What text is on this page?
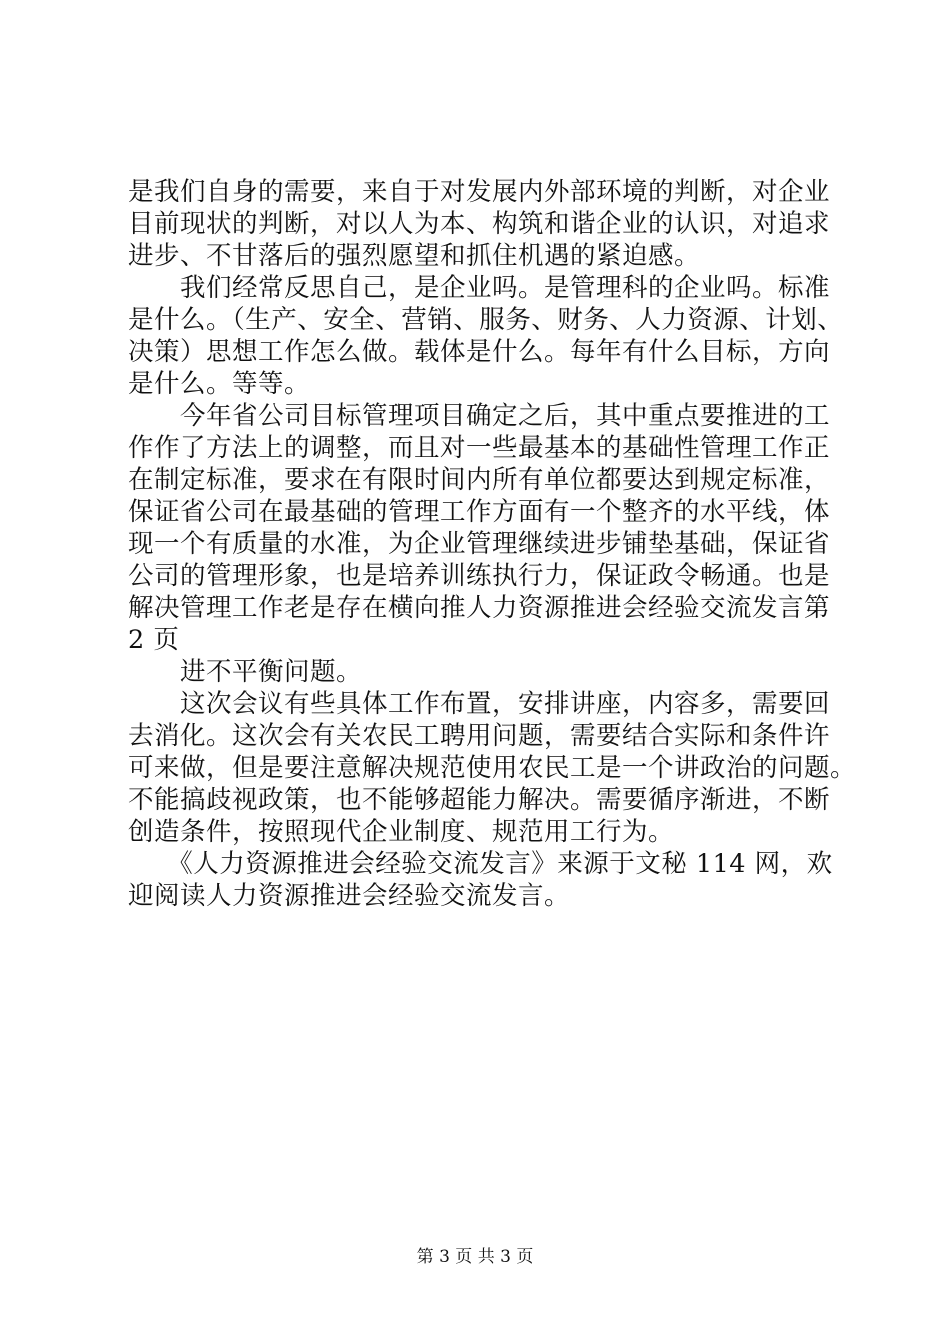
是我们自身的需要，来自于对发展内外部环境的判断，对企业
目前现状的判断，对以人为本、构筑和谐企业的认识，对追求
进步、不甘落后的强烈愿望和抓住机遇的紧迫感。
　　我们经常反思自己，是企业吗。是管理科的企业吗。标准
是什么。（生产、安全、营销、服务、财务、人力资源、计划、
决策）思想工作怎么做。载体是什么。每年有什么目标，方向
是什么。等等。
　　今年省公司目标管理项目确定之后，其中重点要推进的工
作作了方法上的调整，而且对一些最基本的基础性管理工作正
在制定标准，要求在有限时间内所有单位都要达到规定标准，
保证省公司在最基础的管理工作方面有一个整齐的水平线，体
现一个有质量的水准，为企业管理继续进步铺垫基础，保证省
公司的管理形象，也是培养训练执行力，保证政令畅通。也是
解决管理工作老是存在横向推人力资源推进会经验交流发言第
2 页
　　进不平衡问题。
　　这次会议有些具体工作布置，安排讲座，内容多，需要回
去消化。这次会有关农民工聘用问题，需要结合实际和条件许
可来做，但是要注意解决规范使用农民工是一个讲政治的问题。
不能搞歧视政策，也不能够超能力解决。需要循序渐进，不断
创造条件，按照现代企业制度、规范用工行为。
　　《人力资源推进会经验交流发言》来源于文秘 114 网，欢
迎阅读人力资源推进会经验交流发言。
第 3 页 共 3 页
